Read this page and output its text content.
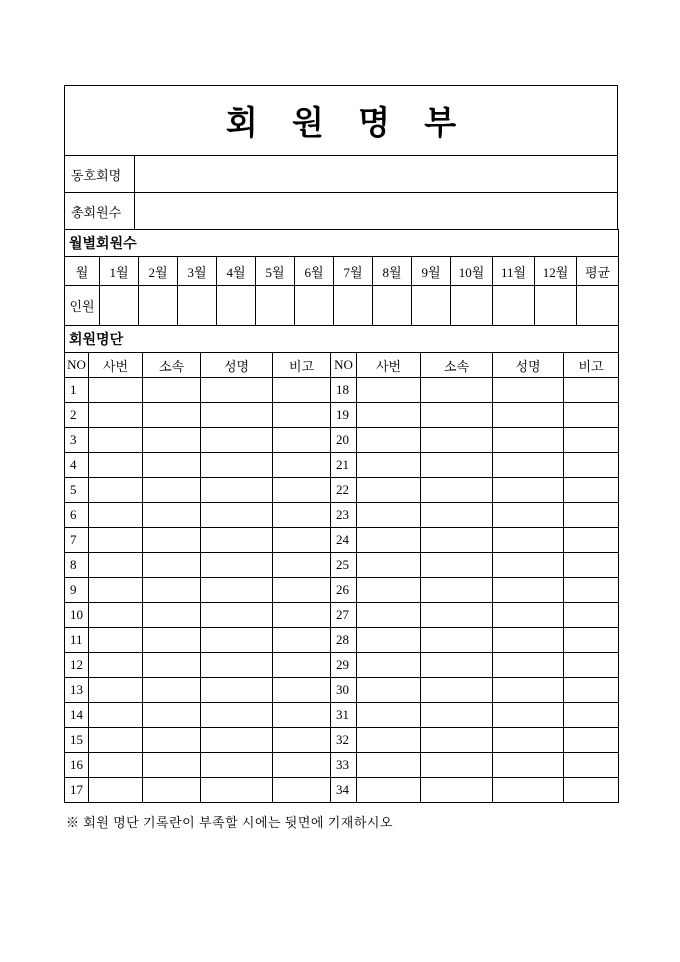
회 원 명 부	
동호회명	
총회원수	
월별회원수													
월	1월	2월	3월	4월	5월	6월	7월	8월	9월	10월	11월	12월	평균
인원													
회원명단									
NO	사번	소속	성명	비고	NO	사번	소속	성명	비고
1					18				
2					19				
3					20				
4					21				
5					22				
6					23				
7					24				
8					25				
9					26				
10					27				
11					28				
12					29				
13					30				
14					31				
15					32				
16					33				
17					34				
※ 회원 명단 기록란이 부족할 시에는 뒷면에 기재하시오
